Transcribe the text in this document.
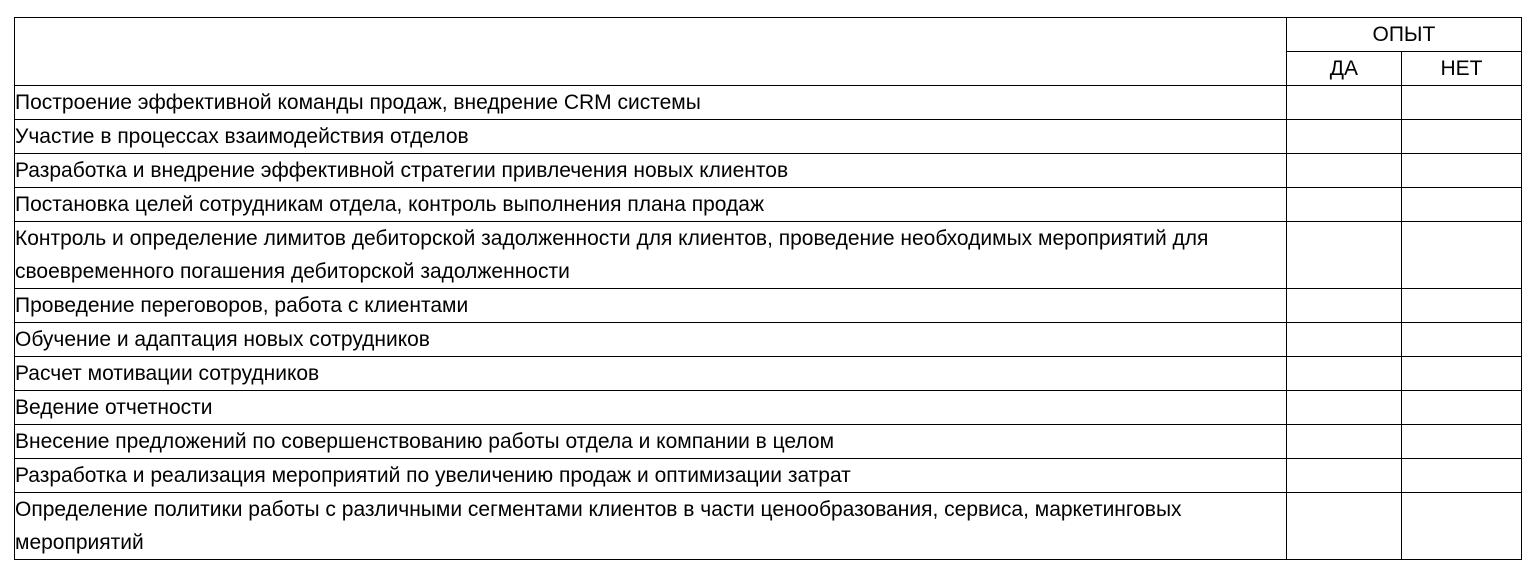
	ОПЫТ	
	ДА	НЕТ
Построение эффективной команды продаж, внедрение CRM системы		
Участие в процессах взаимодействия отделов		
Разработка и внедрение эффективной стратегии привлечения новых клиентов		
Постановка целей сотрудникам отдела, контроль выполнения плана продаж		
Контроль и определение лимитов дебиторской задолженности для клиентов, проведение необходимых мероприятий для своевременного погашения дебиторской задолженности		
Проведение переговоров, работа с клиентами		
Обучение и адаптация новых сотрудников		
Расчет мотивации сотрудников		
Ведение отчетности		
Внесение предложений по совершенствованию работы отдела и компании в целом		
Разработка и реализация мероприятий по увеличению продаж и оптимизации затрат		
Определение политики работы с различными сегментами клиентов в части ценообразования, сервиса, маркетинговых мероприятий		
